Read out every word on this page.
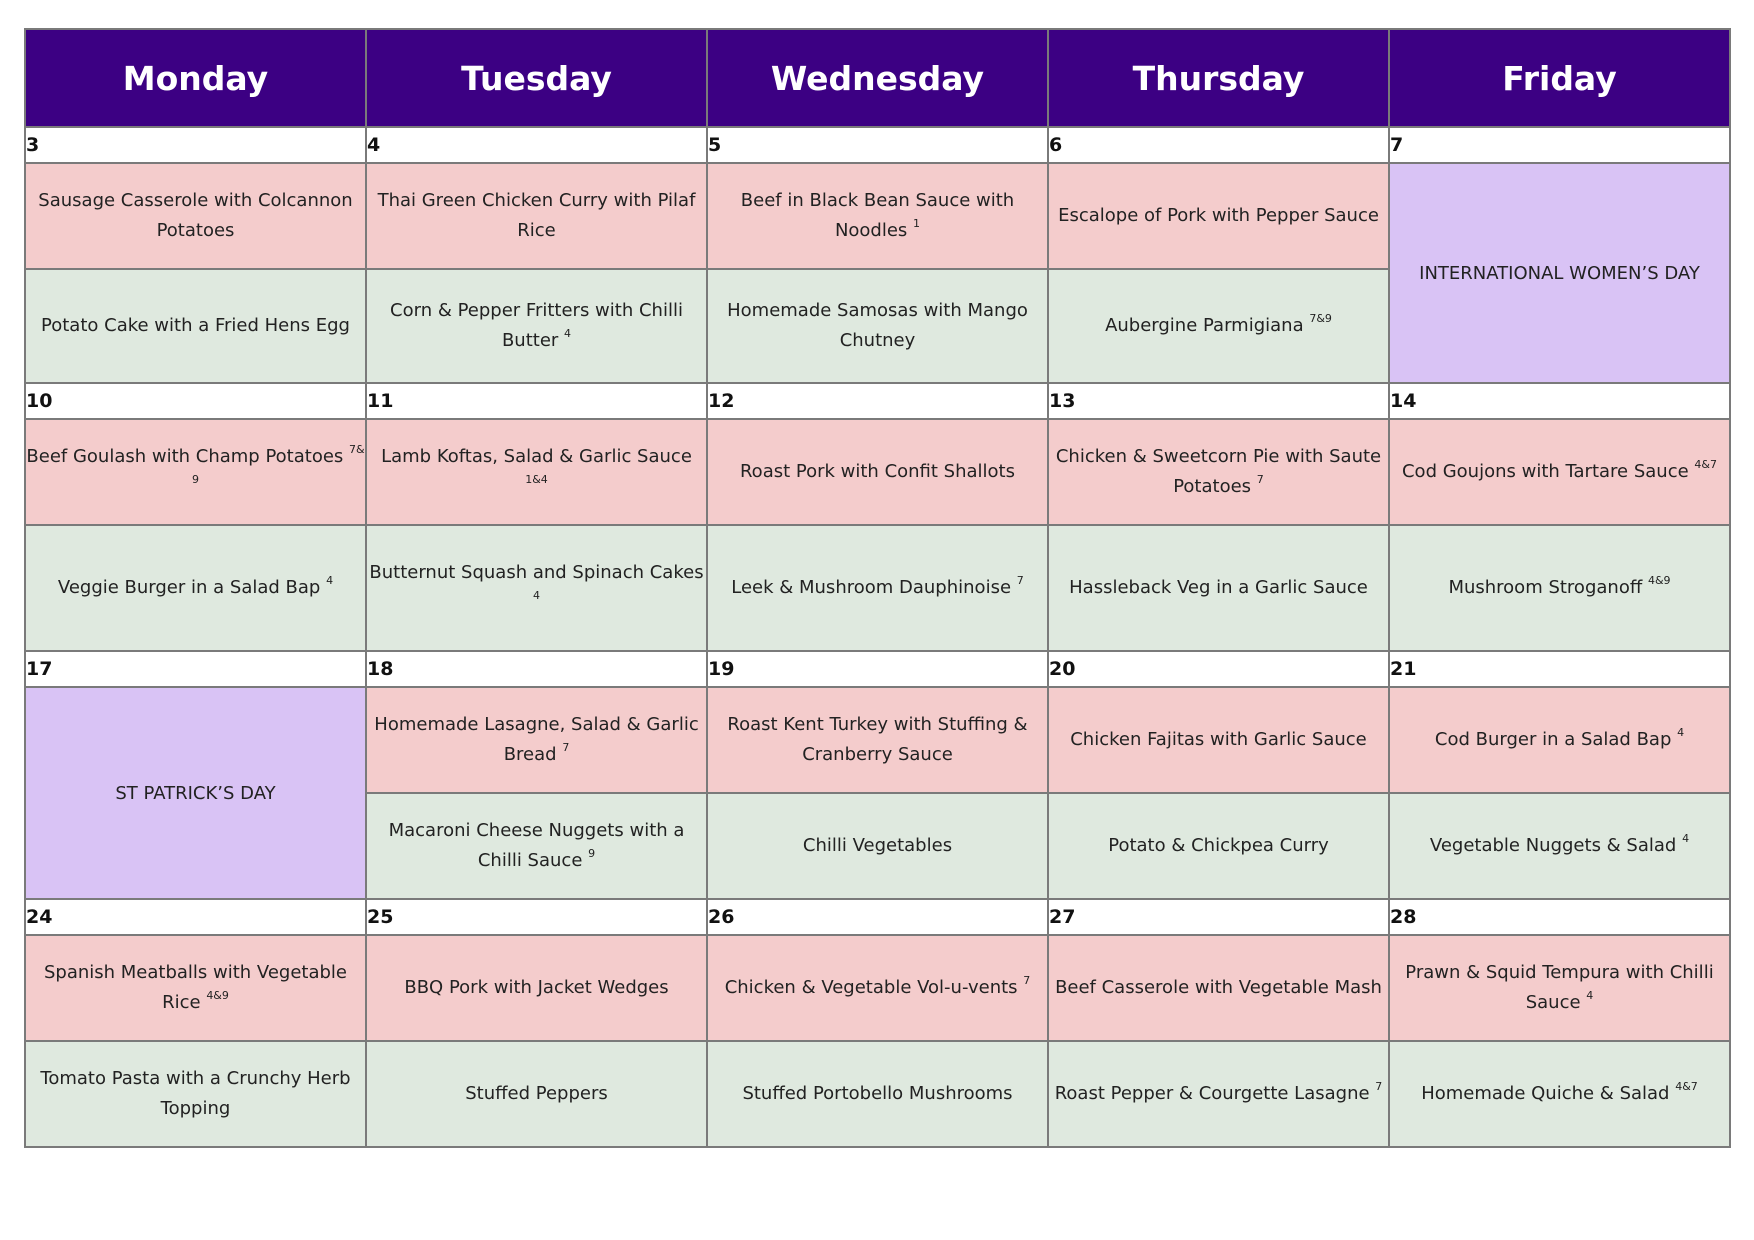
Monday	Tuesday	Wednesday	Thursday	Friday
3	4	5	6	7
Sausage Casserole with Colcannon Potatoes	Thai Green Chicken Curry with Pilaf Rice	Beef in Black Bean Sauce with Noodles $^1$	Escalope of Pork with Pepper Sauce	INTERNATIONAL WOMEN’S DAY
Potato Cake with a Fried Hens Egg	Corn & Pepper Fritters with Chilli Butter $^4$	Homemade Samosas with Mango Chutney	Aubergine Parmigiana $^{7\&9}$
10	11	12	13	14
Beef Goulash with Champ Potatoes $^{7\& 9}$	Lamb Koftas, Salad & Garlic Sauce $^{1\&4}$	Roast Pork with Confit Shallots	Chicken & Sweetcorn Pie with Saute Potatoes $^7$	Cod Goujons with Tartare Sauce $^{4\&7}$
Veggie Burger in a Salad Bap $^4$	Butternut Squash and Spinach Cakes $^4$	Leek & Mushroom Dauphinoise $^7$	Hassleback Veg in a Garlic Sauce	Mushroom Stroganoff $^{4\&9}$
17	18	19	20	21
ST PATRICK’S DAY	Homemade Lasagne, Salad & Garlic Bread $^7$	Roast Kent Turkey with Stuffing & Cranberry Sauce	Chicken Fajitas with Garlic Sauce	Cod Burger in a Salad Bap $^4$
	Macaroni Cheese Nuggets with a Chilli Sauce $^9$	Chilli Vegetables	Potato & Chickpea Curry	Vegetable Nuggets & Salad $^4$
24	25	26	27	28
Spanish Meatballs with Vegetable Rice $^{4\&9}$	BBQ Pork with Jacket Wedges	Chicken & Vegetable Vol-u-vents $^7$	Beef Casserole with Vegetable Mash	Prawn & Squid Tempura with Chilli Sauce $^4$
Tomato Pasta with a Crunchy Herb Topping	Stuffed Peppers	Stuffed Portobello Mushrooms	Roast Pepper & Courgette Lasagne $^7$	Homemade Quiche & Salad $^{4\&7}$
